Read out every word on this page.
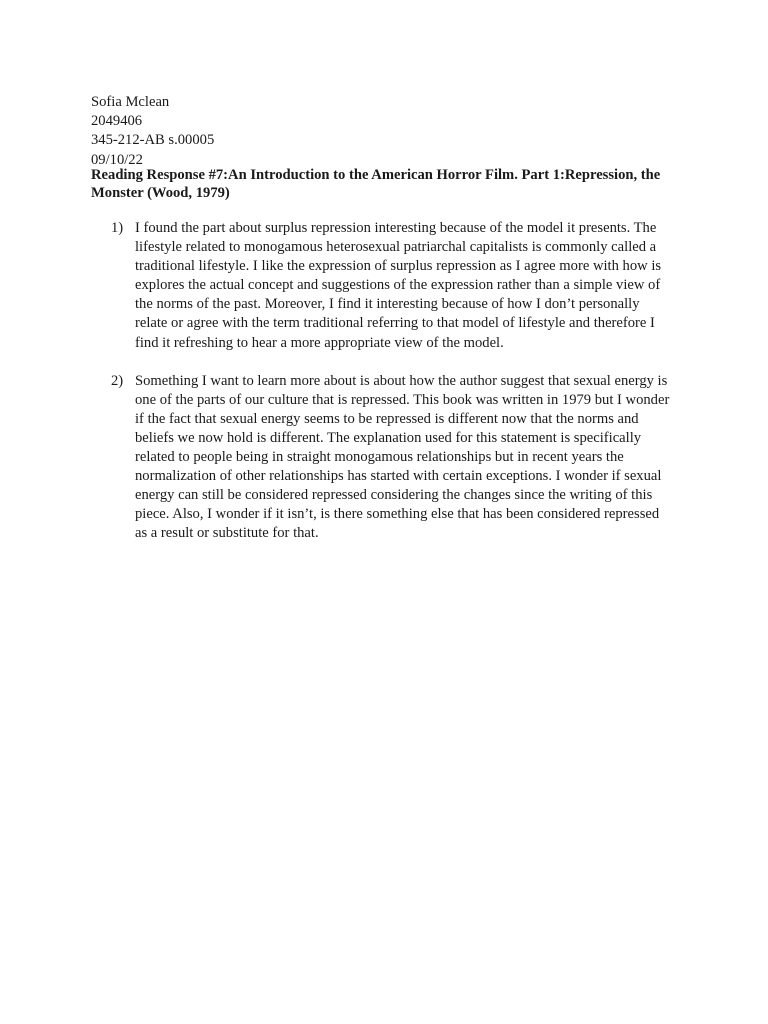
Sofia Mclean
2049406
345-212-AB s.00005
09/10/22
Reading Response #7:An Introduction to the American Horror Film. Part 1:Repression, the Monster (Wood, 1979)
1) I found the part about surplus repression interesting because of the model it presents. The lifestyle related to monogamous heterosexual patriarchal capitalists is commonly called a traditional lifestyle. I like the expression of surplus repression as I agree more with how is explores the actual concept and suggestions of the expression rather than a simple view of the norms of the past. Moreover, I find it interesting because of how I don’t personally relate or agree with the term traditional referring to that model of lifestyle and therefore I find it refreshing to hear a more appropriate view of the model.
2) Something I want to learn more about is about how the author suggest that sexual energy is one of the parts of our culture that is repressed. This book was written in 1979 but I wonder if the fact that sexual energy seems to be repressed is different now that the norms and beliefs we now hold is different. The explanation used for this statement is specifically related to people being in straight monogamous relationships but in recent years the normalization of other relationships has started with certain exceptions. I wonder if sexual energy can still be considered repressed considering the changes since the writing of this piece. Also, I wonder if it isn’t, is there something else that has been considered repressed as a result or substitute for that.
